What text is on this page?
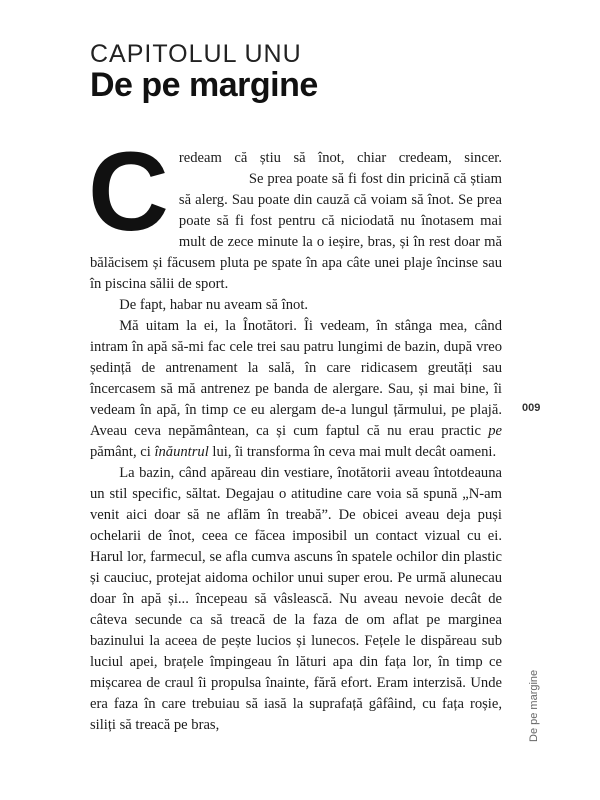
CAPITOLUL UNU
De pe margine

Credeam că știu să înot, chiar credeam, sincer. Se prea poate să fi fost din pricină că știam să alerg. Sau poate din cauză că voiam să înot. Se prea poate să fi fost pentru că niciodată nu înotasem mai mult de zece minute la o ieșire, bras, și în rest doar mă bălăcisem și făcusem pluta pe spate în apa câte unei plaje încinse sau în piscina sălii de sport.

De fapt, habar nu aveam să înot.

Mă uitam la ei, la Înotători. Îi vedeam, în stânga mea, când intram în apă să-mi fac cele trei sau patru lungimi de bazin, după vreo ședință de antrenament la sală, în care ridicasem greutăți sau încercasem să mă antrenez pe banda de alergare. Sau, și mai bine, îi vedeam în apă, în timp ce eu alergam de-a lungul țărmului, pe plajă. Aveau ceva nepământean, ca și cum faptul că nu erau practic pe pământ, ci înăuntrul lui, îi transforma în ceva mai mult decât oameni.

La bazin, când apăreau din vestiare, înotătorii aveau întotdeauna un stil specific, săltat. Degajau o atitudine care voia să spună „N-am venit aici doar să ne aflăm în treabă”. De obicei aveau deja puși ochelarii de înot, ceea ce făcea imposibil un contact vizual cu ei. Harul lor, farmecul, se afla cumva ascuns în spatele ochilor din plastic și cauciuc, protejat aidoma ochilor unui super erou. Pe urmă alunecau doar în apă și... începeau să vâslească. Nu aveau nevoie decât de câteva secunde ca să treacă de la faza de om aflat pe marginea bazinului la aceea de pește lucios și lunecos. Fețele le dispăreau sub luciul apei, brațele împingeau în lături apa din fața lor, în timp ce mișcarea de craul îi propulsa înainte, fără efort. Eram interzisă. Unde era faza în care trebuiau să iasă la suprafață gâfâind, cu fața roșie, siliți să treacă pe bras,

009
De pe margine
